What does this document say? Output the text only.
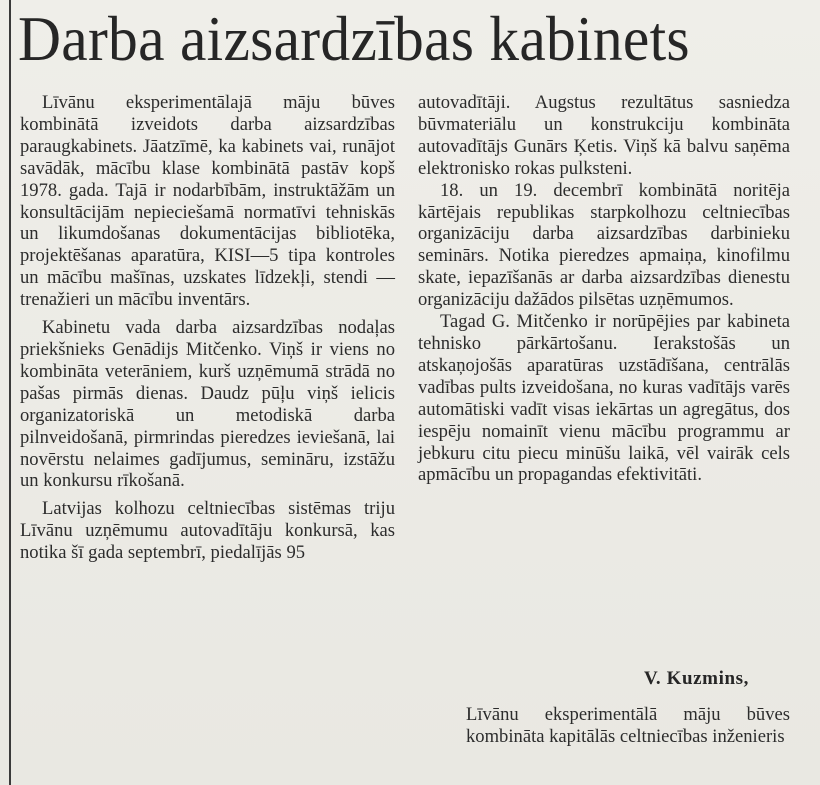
Darba aizsardzības kabinets

Līvānu eksperimentālajā māju būves kombinātā izveidots darba aizsardzības paraugkabinets. Jāatzīmē, ka kabinets vai, runājot savādāk, mācību klase kombinātā pastāv kopš 1978. gada. Tajā ir nodarbībām, instruktāžām un konsultācijām nepieciešamā normatīvi tehniskās un likumdošanas dokumentācijas bibliotēka, projektēšanas aparatūra, KISI—5 tipa kontroles un mācību mašīnas, uzskates līdzekļi, stendi — trenažieri un mācību inventārs.

Kabinetu vada darba aizsardzības nodaļas priekšnieks Genādijs Mitčenko. Viņš ir viens no kombināta veterāniem, kurš uzņēmumā strādā no pašas pirmās dienas. Daudz pūļu viņš ielicis organizatoriskā un metodiskā darba pilnveidošanā, pirmrindas pieredzes ieviešanā, lai novērstu nelaimes gadījumus, semināru, izstāžu un konkursu rīkošanā.

Latvijas kolhozu celtniecības sistēmas triju Līvānu uzņēmumu autovadītāju konkursā, kas notika šī gada septembrī, piedalījās 95

autovadītāji. Augstus rezultātus sasniedza būvmateriālu un konstrukciju kombināta autovadītājs Gunārs Ķetis. Viņš kā balvu saņēma elektronisko rokas pulksteni.

18. un 19. decembrī kombinātā noritēja kārtējais republikas starpkolhozu celtniecības organizāciju darba aizsardzības darbinieku seminārs. Notika pieredzes apmaiņa, kinofilmu skate, iepazīšanās ar darba aizsardzības dienestu organizāciju dažādos pilsētas uzņēmumos.

Tagad G. Mitčenko ir norūpējies par kabineta tehnisko pārkārtošanu. Ierakstošās un atskaņojošās aparatūras uzstādīšana, centrālās vadības pults izveidošana, no kuras vadītājs varēs automātiski vadīt visas iekārtas un agregātus, dos iespēju nomainīt vienu mācību programmu ar jebkuru citu piecu minūšu laikā, vēl vairāk cels apmācību un propagandas efektivitāti.

V. Kuzmins,

Līvānu eksperimentālā māju būves kombināta kapitālās celtniecības inženieris
